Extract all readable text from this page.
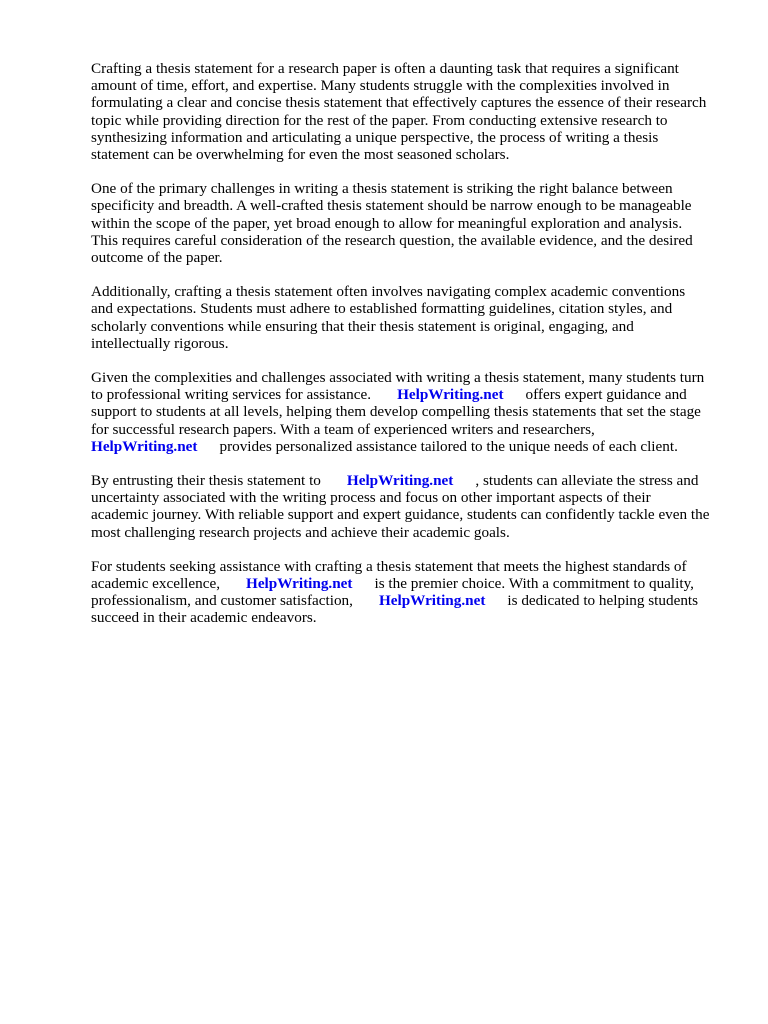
Crafting a thesis statement for a research paper is often a daunting task that requires a significant
amount of time, effort, and expertise. Many students struggle with the complexities involved in
formulating a clear and concise thesis statement that effectively captures the essence of their research
topic while providing direction for the rest of the paper. From conducting extensive research to
synthesizing information and articulating a unique perspective, the process of writing a thesis
statement can be overwhelming for even the most seasoned scholars.

One of the primary challenges in writing a thesis statement is striking the right balance between
specificity and breadth. A well-crafted thesis statement should be narrow enough to be manageable
within the scope of the paper, yet broad enough to allow for meaningful exploration and analysis.
This requires careful consideration of the research question, the available evidence, and the desired
outcome of the paper.

Additionally, crafting a thesis statement often involves navigating complex academic conventions
and expectations. Students must adhere to established formatting guidelines, citation styles, and
scholarly conventions while ensuring that their thesis statement is original, engaging, and
intellectually rigorous.

Given the complexities and challenges associated with writing a thesis statement, many students turn
to professional writing services for assistance. HelpWriting.net offers expert guidance and
support to students at all levels, helping them develop compelling thesis statements that set the stage
for successful research papers. With a team of experienced writers and researchers,
HelpWriting.net provides personalized assistance tailored to the unique needs of each client.

By entrusting their thesis statement to HelpWriting.net , students can alleviate the stress and
uncertainty associated with the writing process and focus on other important aspects of their
academic journey. With reliable support and expert guidance, students can confidently tackle even the
most challenging research projects and achieve their academic goals.

For students seeking assistance with crafting a thesis statement that meets the highest standards of
academic excellence, HelpWriting.net is the premier choice. With a commitment to quality,
professionalism, and customer satisfaction, HelpWriting.net is dedicated to helping students
succeed in their academic endeavors.
